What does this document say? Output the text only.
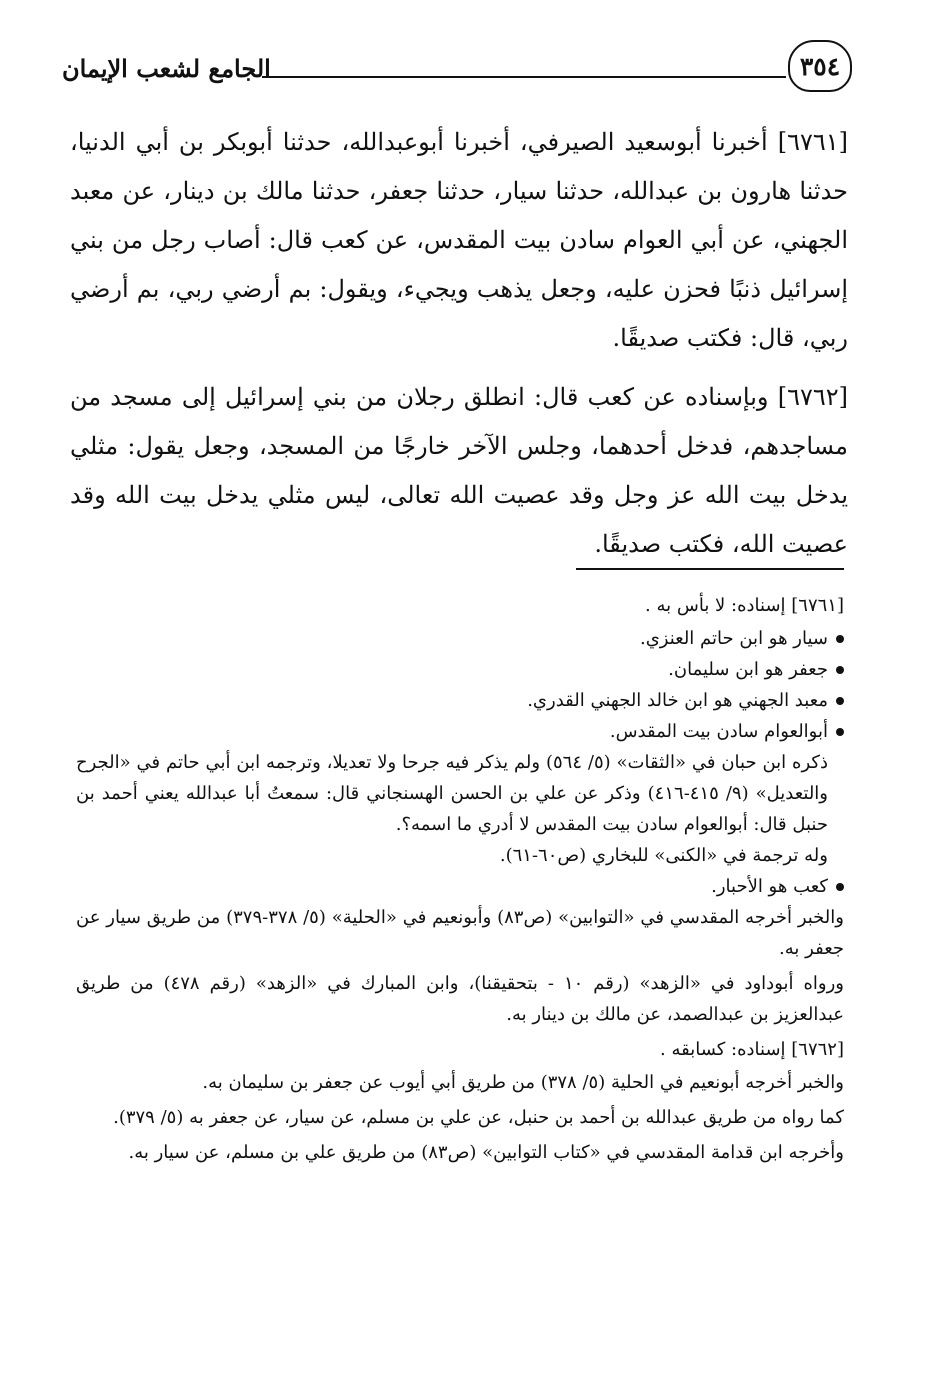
٣٥٤
الجامع لشعب الإيمان

[٦٧٦١] أخبرنا أبوسعيد الصيرفي، أخبرنا أبوعبدالله، حدثنا أبوبكر بن أبي الدنيا، حدثنا هارون بن عبدالله، حدثنا سيار، حدثنا جعفر، حدثنا مالك بن دينار، عن معبد الجهني، عن أبي العوام سادن بيت المقدس، عن كعب قال: أصاب رجل من بني إسرائيل ذنبًا فحزن عليه، وجعل يذهب ويجيء، ويقول: بم أرضي ربي، بم أرضي ربي، قال: فكتب صديقًا.

[٦٧٦٢] وبإسناده عن كعب قال: انطلق رجلان من بني إسرائيل إلى مسجد من مساجدهم، فدخل أحدهما، وجلس الآخر خارجًا من المسجد، وجعل يقول: مثلي يدخل بيت الله عز وجل وقد عصيت الله تعالى، ليس مثلي يدخل بيت الله وقد عصيت الله، فكتب صديقًا.

[٦٧٦١] إسناده: لا بأس به .

سيار هو ابن حاتم العنزي.

جعفر هو ابن سليمان.

معبد الجهني هو ابن خالد الجهني القدري.

أبوالعوام سادن بيت المقدس.

ذكره ابن حبان في «الثقات» (٥/ ٥٦٤) ولم يذكر فيه جرحا ولا تعديلا، وترجمه ابن أبي حاتم في «الجرح والتعديل» (٩/ ٤١٥-٤١٦) وذكر عن علي بن الحسن الهسنجاني قال: سمعتُ أبا عبدالله يعني أحمد بن حنبل قال: أبوالعوام سادن بيت المقدس لا أدري ما اسمه؟.

وله ترجمة في «الكنى» للبخاري (ص٦٠-٦١).

كعب هو الأحبار.

والخبر أخرجه المقدسي في «التوابين» (ص٨٣) وأبونعيم في «الحلية» (٥/ ٣٧٨-٣٧٩) من طريق سيار عن جعفر به.

ورواه أبوداود في «الزهد» (رقم ١٠ - بتحقيقنا)، وابن المبارك في «الزهد» (رقم ٤٧٨) من طريق عبدالعزيز بن عبدالصمد، عن مالك بن دينار به.

[٦٧٦٢] إسناده: كسابقه .

والخبر أخرجه أبونعيم في الحلية (٥/ ٣٧٨) من طريق أبي أيوب عن جعفر بن سليمان به.

كما رواه من طريق عبدالله بن أحمد بن حنبل، عن علي بن مسلم، عن سيار، عن جعفر به (٥/ ٣٧٩).

وأخرجه ابن قدامة المقدسي في «كتاب التوابين» (ص٨٣) من طريق علي بن مسلم، عن سيار به.
